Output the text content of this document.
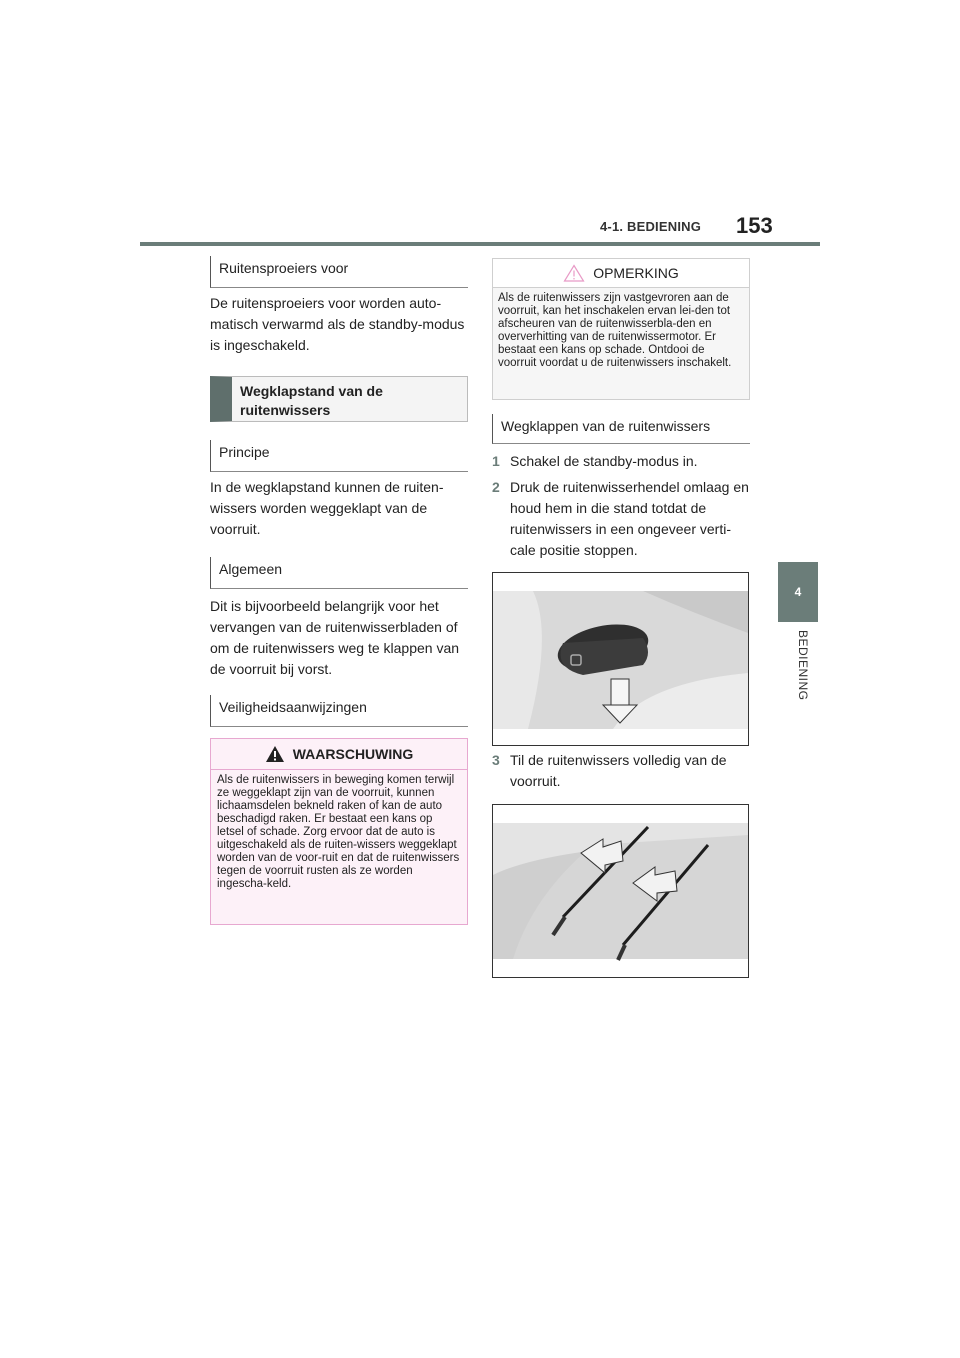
4-1. BEDIENING 153
4
BEDIENING
Ruitensproeiers voor
De ruitensproeiers voor worden auto-matisch verwarmd als de standby-modus is ingeschakeld.
Wegklapstand van de ruitenwissers
Principe
In de wegklapstand kunnen de ruiten-wissers worden weggeklapt van de voorruit.
Algemeen
Dit is bijvoorbeeld belangrijk voor het vervangen van de ruitenwisserbladen of om de ruitenwissers weg te klappen van de voorruit bij vorst.
Veiligheidsaanwijzingen
WAARSCHUWING
Als de ruitenwissers in beweging komen terwijl ze weggeklapt zijn van de voorruit, kunnen lichaamsdelen bekneld raken of kan de auto beschadigd raken. Er bestaat een kans op letsel of schade. Zorg ervoor dat de auto is uitgeschakeld als de ruiten-wissers weggeklapt worden van de voor-ruit en dat de ruitenwissers tegen de voorruit rusten als ze worden ingescha-keld.
OPMERKING
Als de ruitenwissers zijn vastgevroren aan de voorruit, kan het inschakelen ervan lei-den tot afscheuren van de ruitenwisserbla-den en oververhitting van de ruitenwissermotor. Er bestaat een kans op schade. Ontdooi de voorruit voordat u de ruitenwissers inschakelt.
Wegklappen van de ruitenwissers
1 Schakel de standby-modus in.
2 Druk de ruitenwisserhendel omlaag en houd hem in die stand totdat de ruitenwissers in een ongeveer verti-cale positie stoppen.
3 Til de ruitenwissers volledig van de voorruit.
